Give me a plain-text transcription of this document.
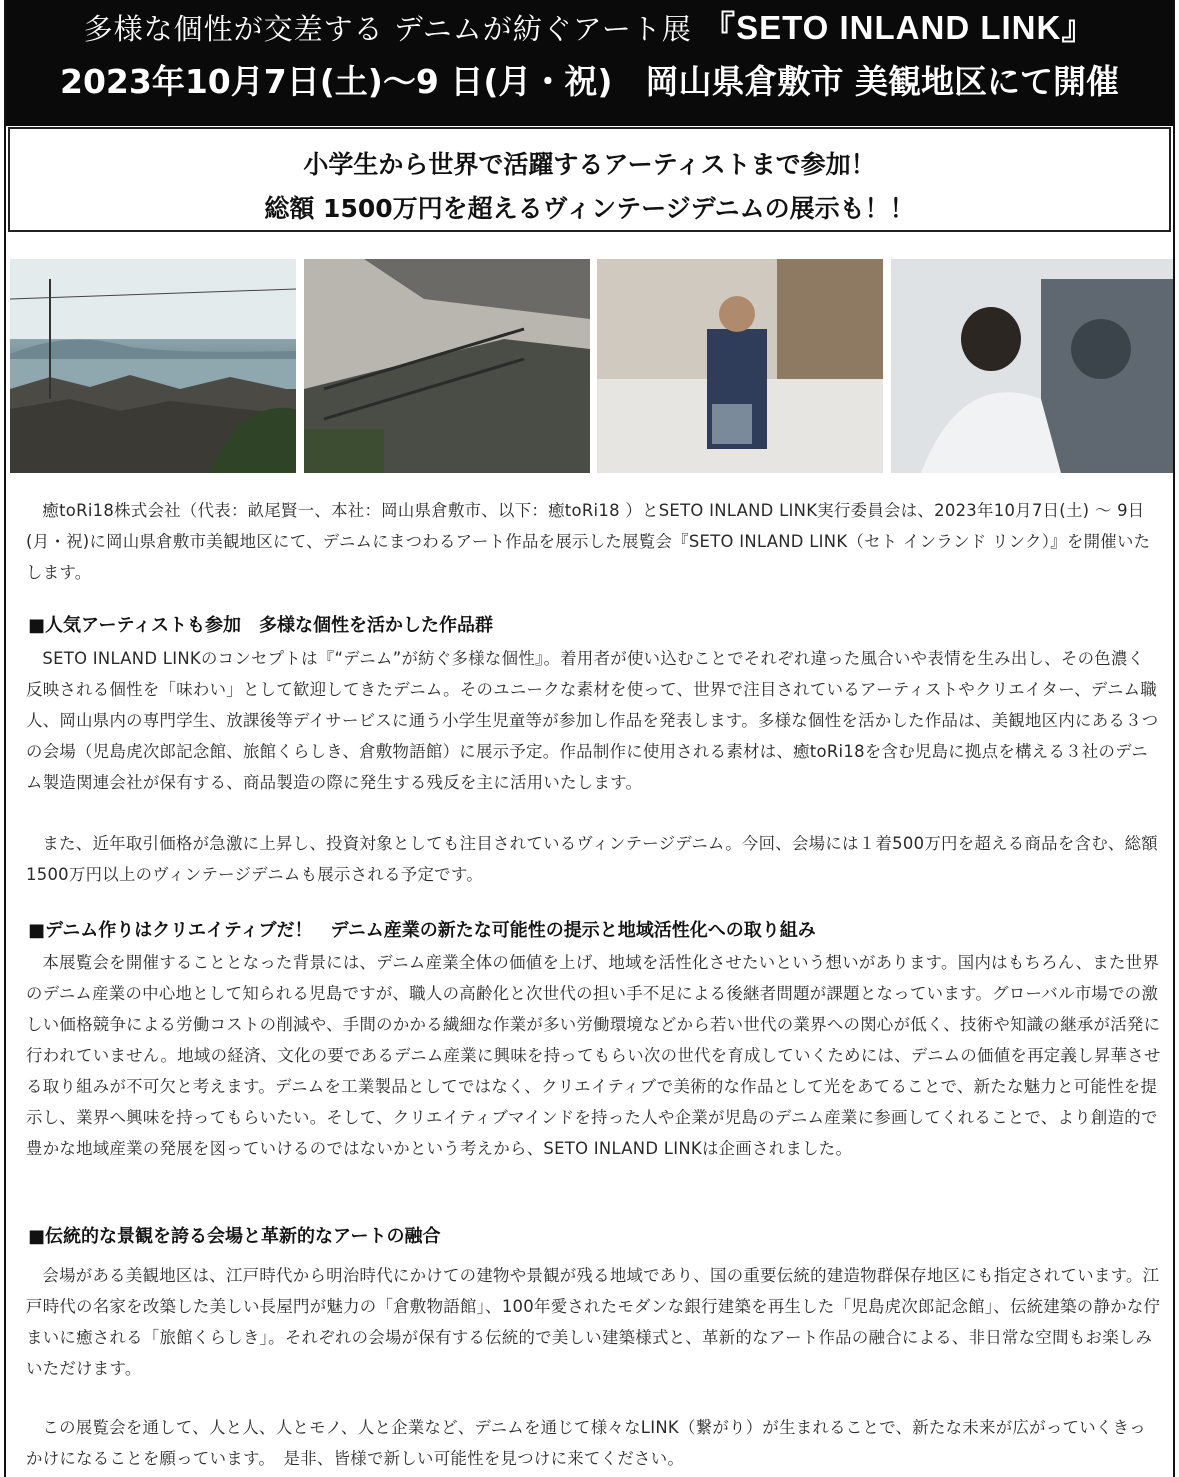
多様な個性が交差する デニムが紡ぐアート展 『SETO INLAND LINK』
2023年10月7日(土)〜9 日(月・祝)　岡山県倉敷市 美観地区にて開催
小学生から世界で活躍するアーティストまで参加！
総額 1500万円を超えるヴィンテージデニムの展示も！！
癒toRi18株式会社（代表：畝尾賢一、本社：岡山県倉敷市、以下：癒toRi18 ）とSETO INLAND LINK実行委員会は、2023年10月7日(土) 〜 9日(月・祝)に岡山県倉敷市美観地区にて、デニムにまつわるアート作品を展示した展覧会『SETO INLAND LINK（セト インランド リンク）』を開催いたします。
■人気アーティストも参加　多様な個性を活かした作品群
SETO INLAND LINKのコンセプトは『“デニム”が紡ぐ多様な個性』。着用者が使い込むことでそれぞれ違った風合いや表情を生み出し、その色濃く反映される個性を「味わい」として歓迎してきたデニム。そのユニークな素材を使って、世界で注目されているアーティストやクリエイター、デニム職人、岡山県内の専門学生、放課後等デイサービスに通う小学生児童等が参加し作品を発表します。多様な個性を活かした作品は、美観地区内にある３つの会場（児島虎次郎記念館、旅館くらしき、倉敷物語館）に展示予定。作品制作に使用される素材は、癒toRi18を含む児島に拠点を構える３社のデニム製造関連会社が保有する、商品製造の際に発生する残反を主に活用いたします。
また、近年取引価格が急激に上昇し、投資対象としても注目されているヴィンテージデニム。今回、会場には１着500万円を超える商品を含む、総額1500万円以上のヴィンテージデニムも展示される予定です。
■デニム作りはクリエイティブだ！　デニム産業の新たな可能性の提示と地域活性化への取り組み
本展覧会を開催することとなった背景には、デニム産業全体の価値を上げ、地域を活性化させたいという想いがあります。国内はもちろん、また世界のデニム産業の中心地として知られる児島ですが、職人の高齢化と次世代の担い手不足による後継者問題が課題となっています。グローバル市場での激しい価格競争による労働コストの削減や、手間のかかる繊細な作業が多い労働環境などから若い世代の業界への関心が低く、技術や知識の継承が活発に行われていません。地域の経済、文化の要であるデニム産業に興味を持ってもらい次の世代を育成していくためには、デニムの価値を再定義し昇華させる取り組みが不可欠と考えます。デニムを工業製品としてではなく、クリエイティブで美術的な作品として光をあてることで、新たな魅力と可能性を提示し、業界へ興味を持ってもらいたい。そして、クリエイティブマインドを持った人や企業が児島のデニム産業に参画してくれることで、より創造的で豊かな地域産業の発展を図っていけるのではないかという考えから、SETO INLAND LINKは企画されました。
■伝統的な景観を誇る会場と革新的なアートの融合
会場がある美観地区は、江戸時代から明治時代にかけての建物や景観が残る地域であり、国の重要伝統的建造物群保存地区にも指定されています。江戸時代の名家を改築した美しい長屋門が魅力の「倉敷物語館」、100年愛されたモダンな銀行建築を再生した「児島虎次郎記念館」、伝統建築の静かな佇まいに癒される「旅館くらしき」。それぞれの会場が保有する伝統的で美しい建築様式と、革新的なアート作品の融合による、非日常な空間もお楽しみいただけます。
この展覧会を通して、人と人、人とモノ、人と企業など、デニムを通じて様々なLINK（繋がり）が生まれることで、新たな未来が広がっていくきっかけになることを願っています。　是非、皆様で新しい可能性を見つけに来てください。
